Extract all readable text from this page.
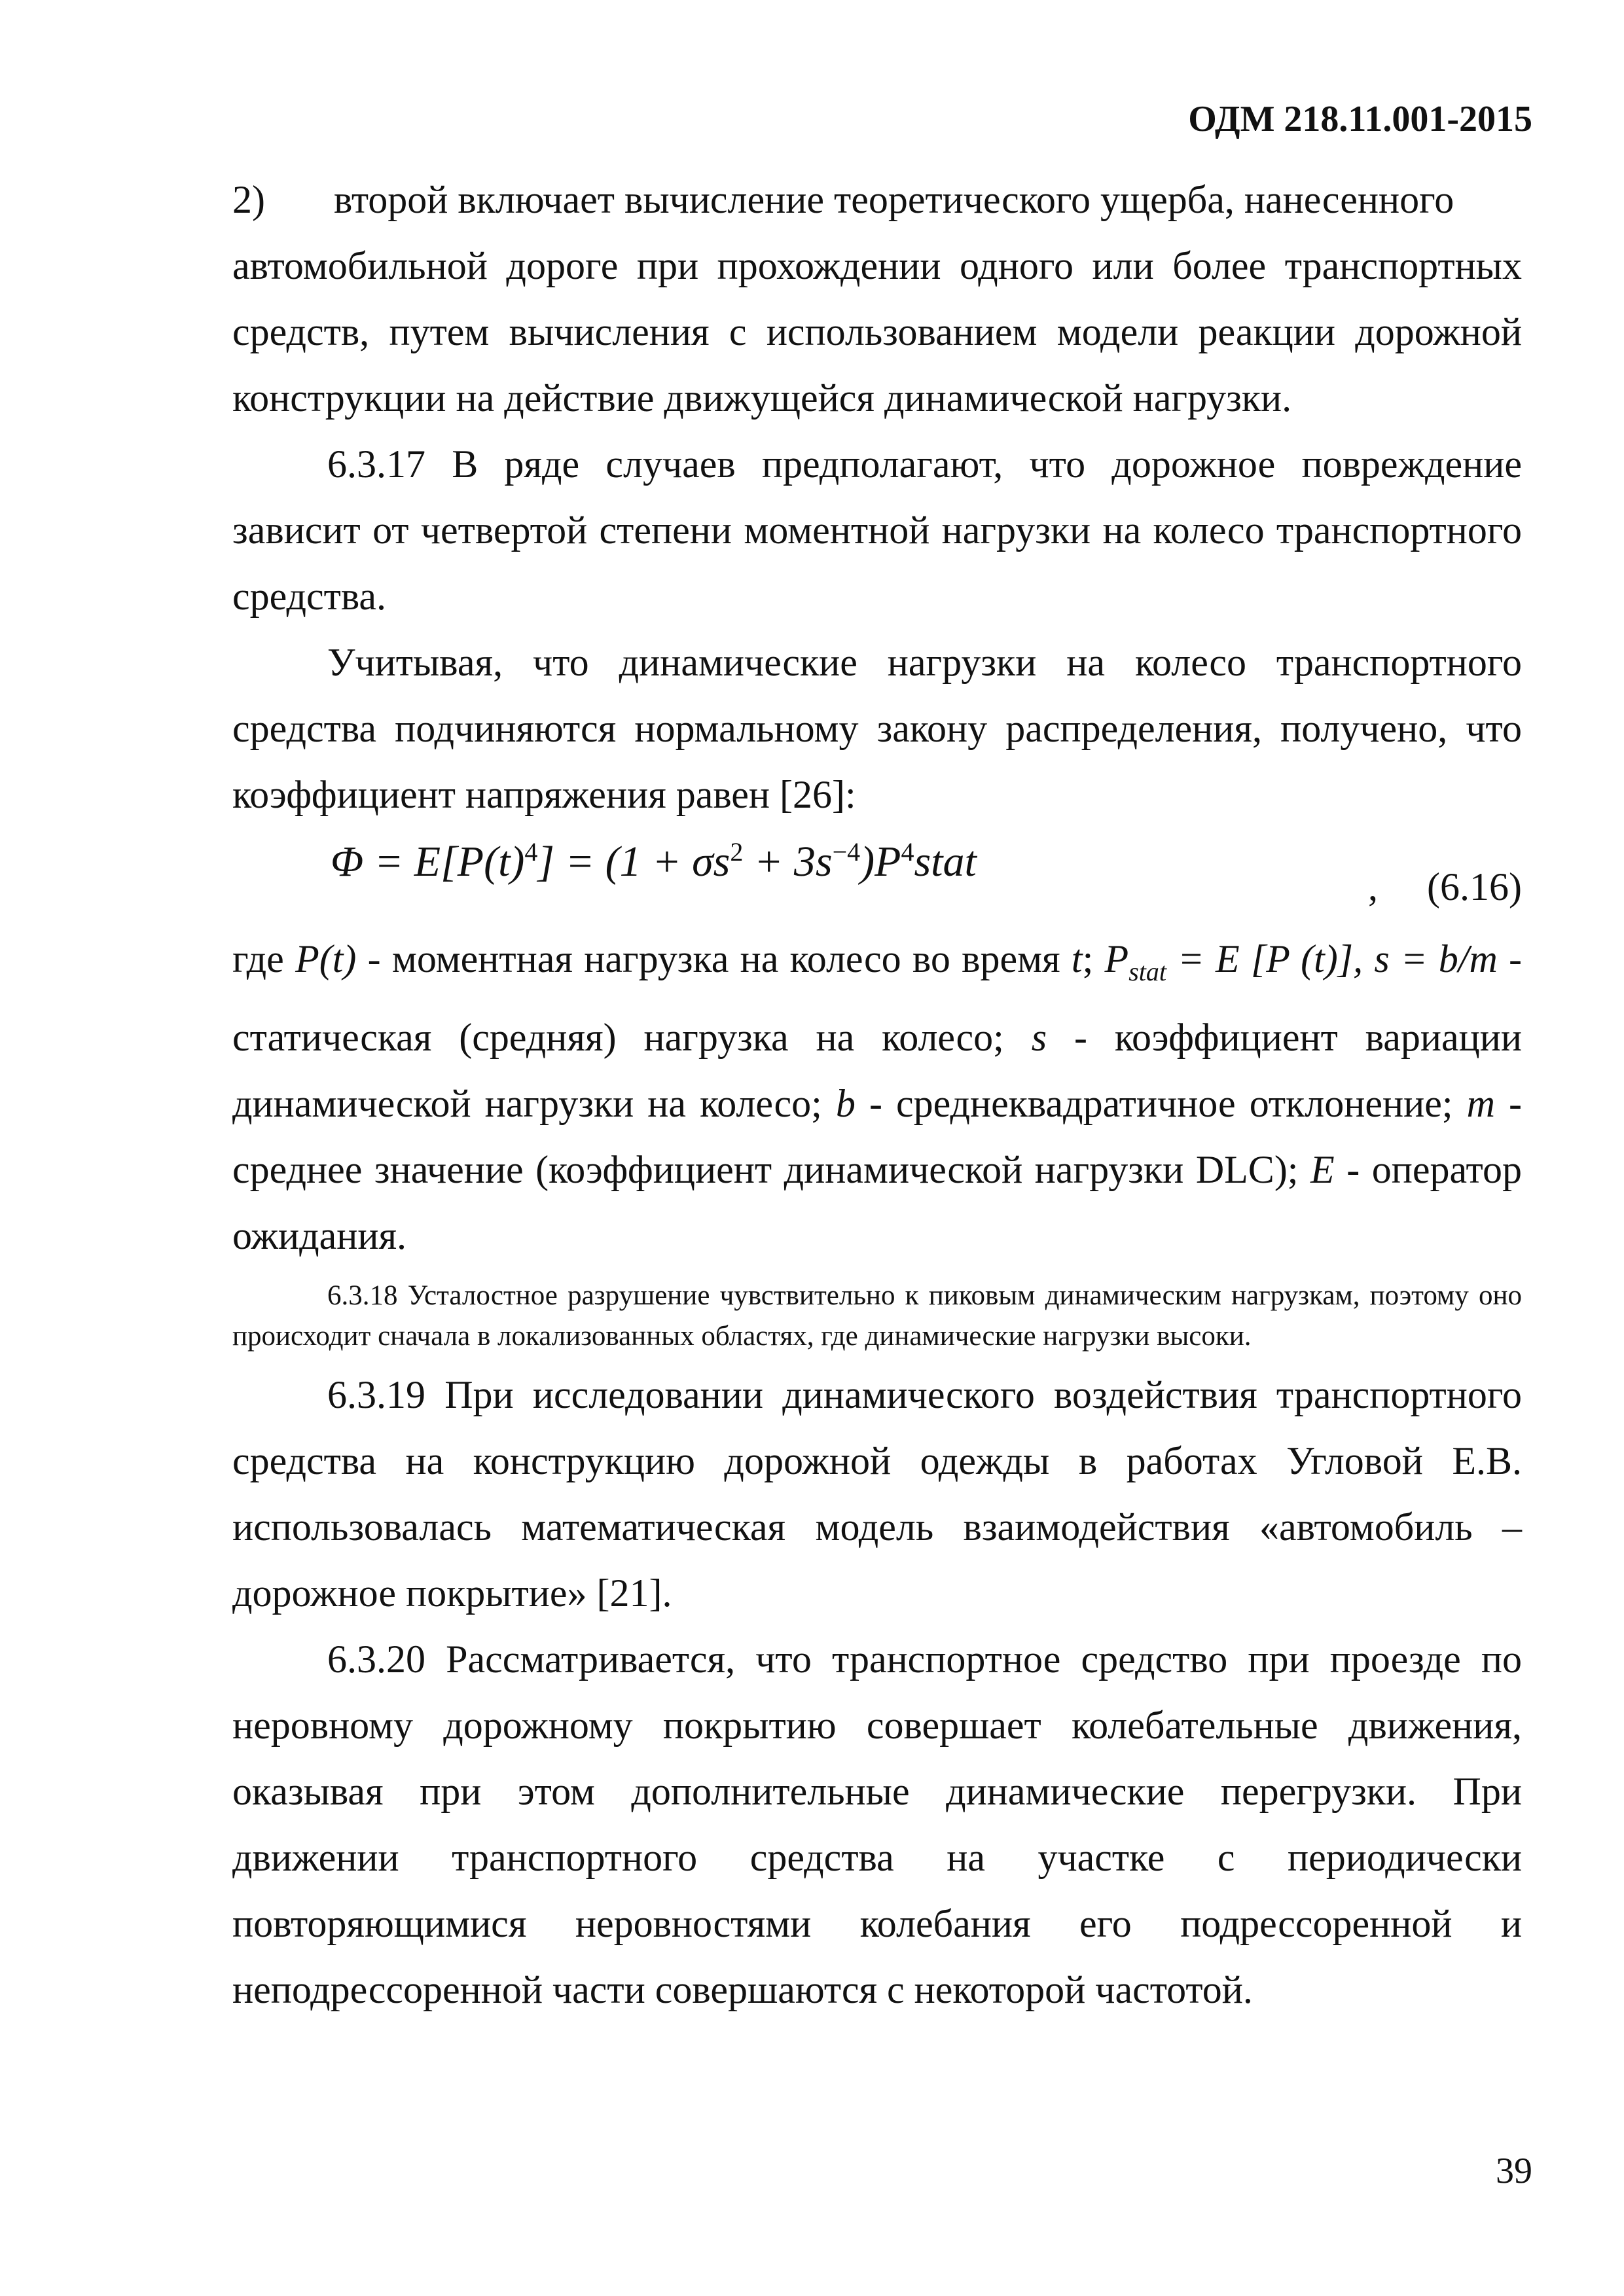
ОДМ 218.11.001-2015
2)	второй включает вычисление теоретического ущерба, нанесенного

автомобильной дороге при прохождении одного или более транспортных средств, путем вычисления с использованием модели реакции дорожной конструкции на действие движущейся динамической нагрузки.

6.3.17 В ряде случаев предполагают, что дорожное повреждение зависит от четвертой степени моментной нагрузки на колесо транспортного средства.

Учитывая, что динамические нагрузки на колесо транспортного средства подчиняются нормальному закону распределения, получено, что коэффициент напряжения равен [26]:

$\Phi = E[P(t)^4] = (1 + \sigma s^2$ + $3s^{-4})P^4stat$
, (6.16)

где P(t) - моментная нагрузка на колесо во время t; $P_{stat} = E$ [P (t)], s = b/m - статическая (средняя) нагрузка на колесо; s - коэффициент вариации динамической нагрузки на колесо; b - среднеквадратичное отклонение; m - среднее значение (коэффициент динамической нагрузки DLC); E - оператор ожидания.

6.3.18 Усталостное разрушение чувствительно к пиковым динамическим нагрузкам, поэтому оно происходит сначала в локализованных областях, где динамические нагрузки высоки.

6.3.19 При исследовании динамического воздействия транспортного средства на конструкцию дорожной одежды в работах Угловой Е.В. использовалась математическая модель взаимодействия «автомобиль – дорожное покрытие» [21].

6.3.20 Рассматривается, что транспортное средство при проезде по неровному дорожному покрытию совершает колебательные движения, оказывая при этом дополнительные динамические перегрузки. При движении транспортного средства на участке с периодически повторяющимися неровностями колебания его подрессоренной и неподрессоренной части совершаются с некоторой частотой.

39
